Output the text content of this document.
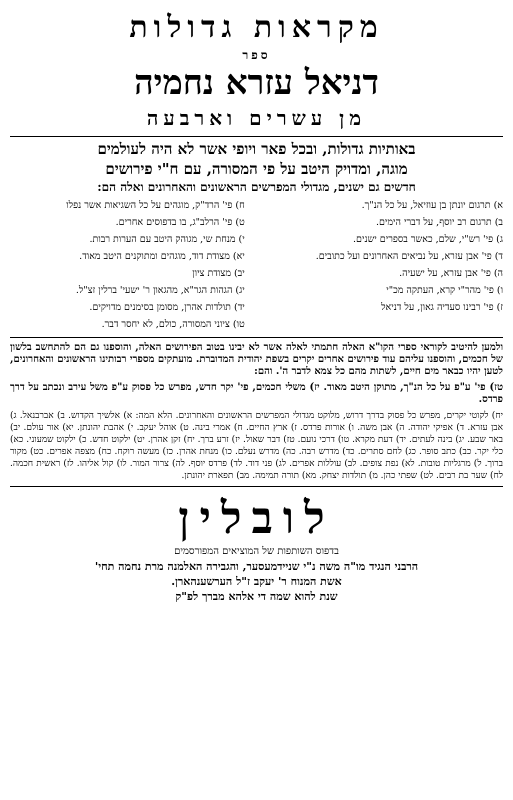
מקראות גדולות
ספר
דניאל עזרא נחמיה
מן עשרים וארבעה
באותיות גדולות, ובכל פאר ויופי אשר לא היה לעולמים
מוגה, ומדויק היטב על פי המסורה, עם ח"י פירושים
חדשים גם ישנים, מגדולי המפרשים הראשונים והאחרונים ואלה הם:
א) תרגום יונתן בן עוזיאל, על כל הנ"ך.
ב) תרגום רב יוסף, על דברי הימים.
ג) פי' רש"י, שלם, כאשר בספרים ישנים.
ד) פי' אבן עזרא, על נביאים האחרונים ועל כתובים.
ה) פי' אבן עזרא, על ישעיה.
ו) פי' מהר"י קרא, העתקה מכ"י
ז) פי' רבינו סעדיה גאון, על דניאל
ח) פי' הרד"ק, מוגהים על כל השגיאות אשר נפלו
ט) פי' הרלב"ג, בו בדפוסים אחרים.
י) מנחת שי, מגוהק היטב עם הערות רבות.
יא) מצודת דוד, מוגהים ומתוקנים היטב מאוד.
יב) מצודת ציון
יג) הגהות הגר"א, מהגאון ר' ישעי' ברלין זצ"ל.
יד) תולדות אהרן, מסומן בסימנים מדויקים.
טו) ציוני המסורה, כולם, לא יחסר דבר.
ולמען להיטיב לקוראי ספרי הקו"א האלה חתמתי לאלה אשר לא יבינו בטוב הפירושים האלה, והוספנו גם הם להתחשב בלשון של חכמים, והוספנו עליהם עוד פירושים אחרים יקרים בשפת יהודית המדוברת. מועתקים מספרי רבותינו הראשונים והאחרונים, לטען יהיו כבאר מים חיים, לשתות מהם כל צמא לדבר ה'. והם:
טז) פי' ע"פ על כל הנ"ך, מתוקן היטב מאוד. יז) משלי חכמים, פי' יקר חדש, מפרש כל פסוק ע"פ משל עירב ונכתב על דרך פרדס.
יח) לקוטי יקרים, מפרש כל פסוק בדרך דרוש, מלוקט מגדולי המפרשים הראשונים והאחרונים. הלא המה: א) אלשיך הקדוש. ב) אברבנאל. ג) אבן עזרא. ד) אפיקי יהודה. ה) אבן משה. ו) אורות פרדס. ז) ארץ החיים. ח) אמרי בינה. ט) אוהל יעקב. י) אהבת יהונתן. יא) אור עולם. יב) באר שבע. יג) בינה לעתים. יד) דעת מקרא. טו) דרכי נועם. טז) דבר שאול. יז) זרע ברך. יח) זקן אהרן. יט) ילקוט חדש. כ) ילקוט שמעוני. כא) כלי יקר. כב) כתב סופר. כג) לחם סתרים. כד) מדרש רבה. כה) מדרש נעלם. כו) מנחת אהרן. כז) מעשה רוקח. כח) מצפה אפרים. כט) מקור ברוך. ל) מרגליות טובות. לא) נפת צופים. לב) עוללות אפרים. לג) פני דוד. לד) פרדס יוסף. לה) צרור המור. לו) קול אליהו. לז) ראשית חכמה. לח) שער בת רבים. לט) שפתי כהן. מ) תולדות יצחק. מא) תורה תמימה. מב) תפארת יהונתן.
לובלין
בדפוס השותפות של המוציאים המפורסמים
הרבני הנגיד מו"ה משה נ"י שניידמעסער, והגבירה האלמנה מרת נחמה תחי'
אשת המנוח ר' יעקב ז"ל הערשענהארן.
שנת להוא שמה די אלהא מברך לפ"ק
